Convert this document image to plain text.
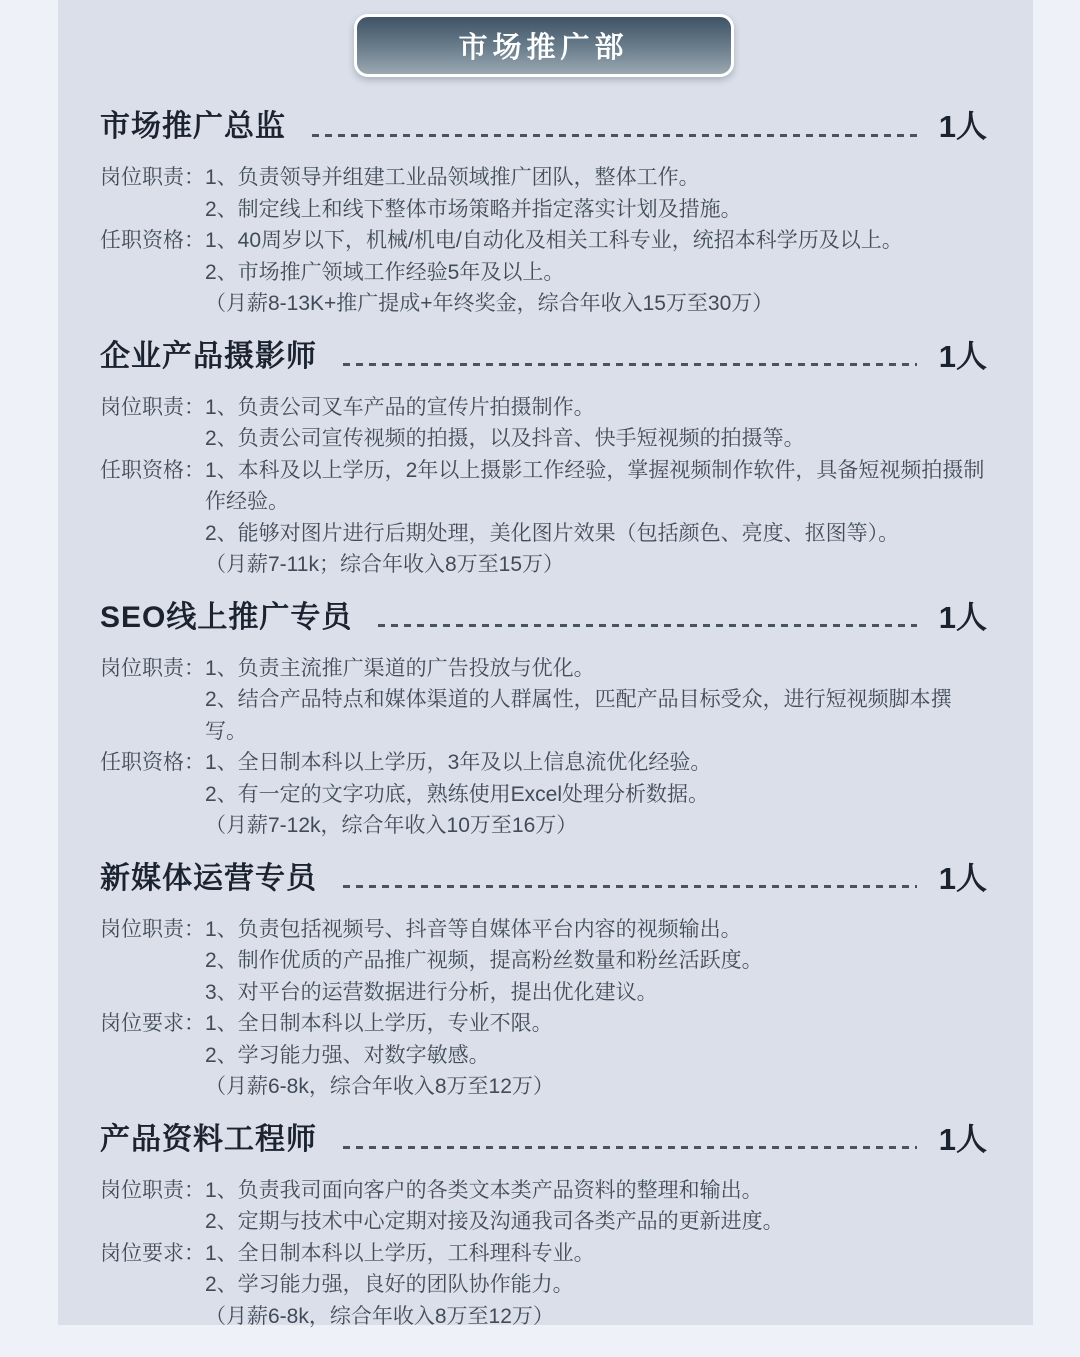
市场推广部
市场推广总监	1人
岗位职责： 1、负责领导并组建工业品领域推广团队，整体工作。
2、制定线上和线下整体市场策略并指定落实计划及措施。
任职资格： 1、40周岁以下，机械/机电/自动化及相关工科专业，统招本科学历及以上。
2、市场推广领域工作经验5年及以上。
（月薪8-13K+推广提成+年终奖金，综合年收入15万至30万）
企业产品摄影师	1人
岗位职责： 1、负责公司叉车产品的宣传片拍摄制作。
2、负责公司宣传视频的拍摄，以及抖音、快手短视频的拍摄等。
任职资格： 1、本科及以上学历，2年以上摄影工作经验，掌握视频制作软件，具备短视频拍摄制作经验。
2、能够对图片进行后期处理，美化图片效果（包括颜色、亮度、抠图等）。
（月薪7-11k；综合年收入8万至15万）
SEO线上推广专员	1人
岗位职责： 1、负责主流推广渠道的广告投放与优化。
2、结合产品特点和媒体渠道的人群属性，匹配产品目标受众，进行短视频脚本撰写。
任职资格： 1、全日制本科以上学历，3年及以上信息流优化经验。
2、有一定的文字功底，熟练使用Excel处理分析数据。
（月薪7-12k，综合年收入10万至16万）
新媒体运营专员	1人
岗位职责： 1、负责包括视频号、抖音等自媒体平台内容的视频输出。
2、制作优质的产品推广视频，提高粉丝数量和粉丝活跃度。
3、对平台的运营数据进行分析，提出优化建议。
岗位要求： 1、全日制本科以上学历，专业不限。
2、学习能力强、对数字敏感。
（月薪6-8k，综合年收入8万至12万）
产品资料工程师	1人
岗位职责： 1、负责我司面向客户的各类文本类产品资料的整理和输出。
2、定期与技术中心定期对接及沟通我司各类产品的更新进度。
岗位要求： 1、全日制本科以上学历，工科理科专业。
2、学习能力强，良好的团队协作能力。
（月薪6-8k，综合年收入8万至12万）
